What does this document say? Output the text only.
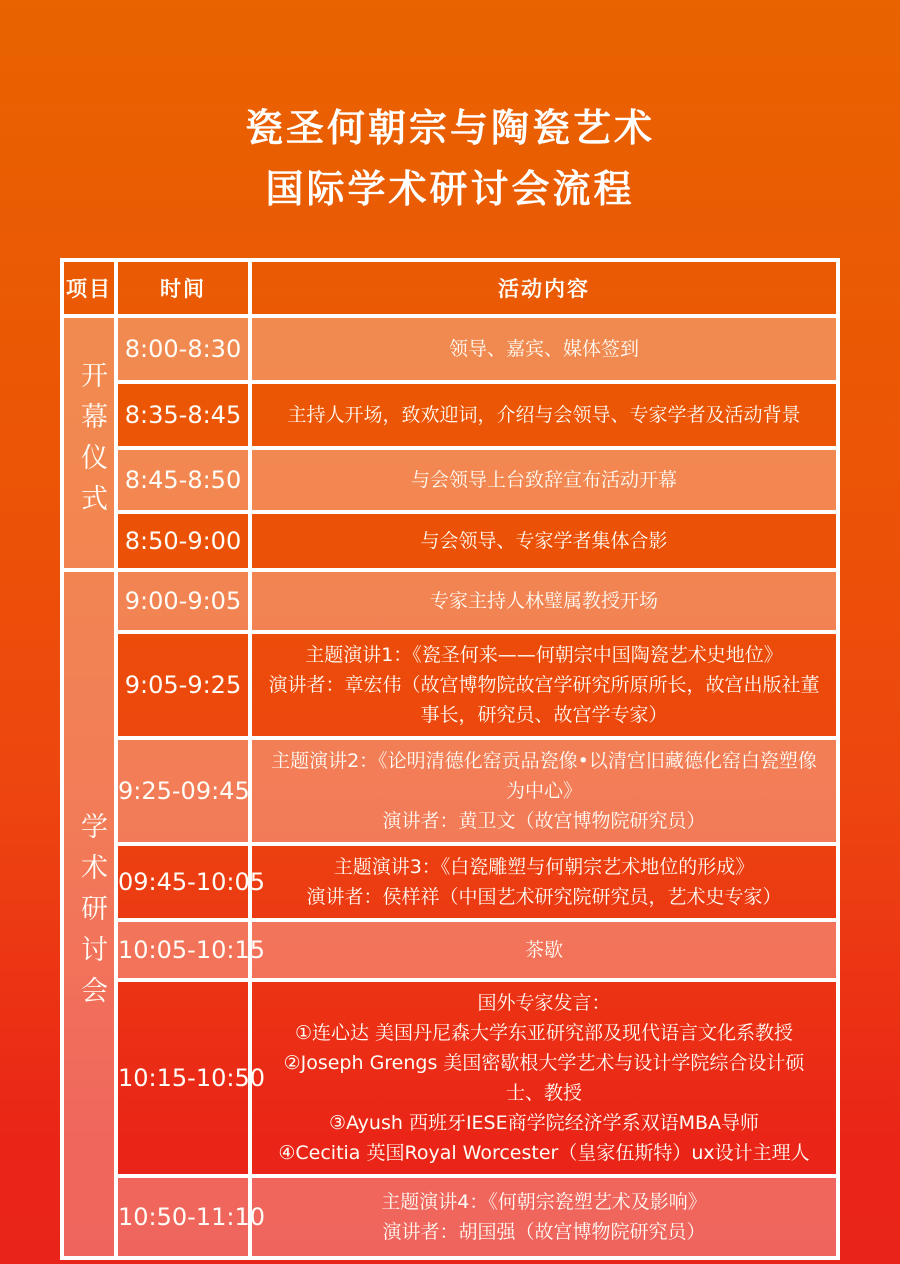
瓷圣何朝宗与陶瓷艺术
国际学术研讨会流程
项目	时间	活动内容

开幕仪式	8:00-8:30	领导、嘉宾、媒体签到

	8:35-8:45	主持人开场，致欢迎词，介绍与会领导、专家学者及活动背景

	8:45-8:50	与会领导上台致辞宣布活动开幕

	8:50-9:00	与会领导、专家学者集体合影

学术研讨会	9:00-9:05	专家主持人林璧属教授开场

	9:05-9:25	主题演讲1：《瓷圣何来——何朝宗中国陶瓷艺术史地位》
演讲者：章宏伟（故宫博物院故宫学研究所原所长，故宫出版社董事长，研究员、故宫学专家）

	9:25-09:45	主题演讲2：《论明清德化窑贡品瓷像•以清宫旧藏德化窑白瓷塑像为中心》
演讲者：黄卫文（故宫博物院研究员）

	09:45-10:05	主题演讲3：《白瓷雕塑与何朝宗艺术地位的形成》
演讲者：侯样祥（中国艺术研究院研究员，艺术史专家）

	10:05-10:15	茶歇

	10:15-10:50	国外专家发言：
①连心达 美国丹尼森大学东亚研究部及现代语言文化系教授
②Joseph Grengs 美国密歇根大学艺术与设计学院综合设计硕士、教授
③Ayush 西班牙IESE商学院经济学系双语MBA导师
④Cecitia 英国Royal Worcester（皇家伍斯特）ux设计主理人

	10:50-11:10	主题演讲4：《何朝宗瓷塑艺术及影响》
演讲者：胡国强（故宫博物院研究员）
